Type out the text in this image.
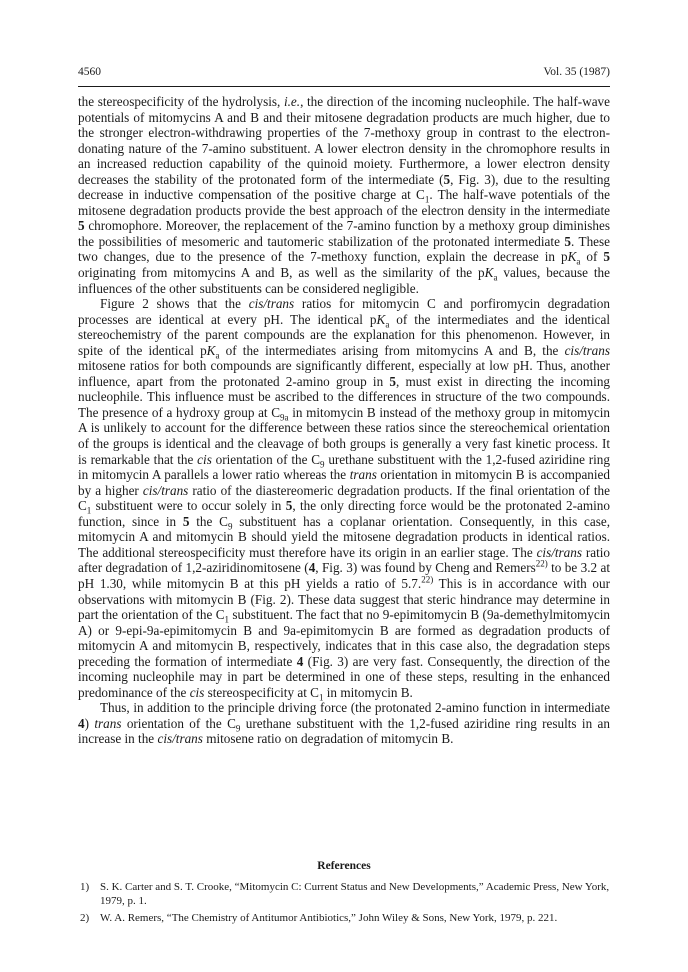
4560	Vol. 35 (1987)

the stereospecificity of the hydrolysis, i.e., the direction of the incoming nucleophile. The half-wave potentials of mitomycins A and B and their mitosene degradation products are much higher, due to the stronger electron-withdrawing properties of the 7-methoxy group in contrast to the electron-donating nature of the 7-amino substituent. A lower electron density in the chromophore results in an increased reduction capability of the quinoid moiety. Furthermore, a lower electron density decreases the stability of the protonated form of the intermediate (5, Fig. 3), due to the resulting decrease in inductive compensation of the positive charge at $C_1$. The half-wave potentials of the mitosene degradation products provide the best approach of the electron density in the intermediate 5 chromophore. Moreover, the replacement of the 7-amino function by a methoxy group diminishes the possibilities of mesomeric and tautomeric stabilization of the protonated intermediate 5. These two changes, due to the presence of the 7-methoxy function, explain the decrease in $pK_a$ of 5 originating from mitomycins A and B, as well as the similarity of the $pK_a$ values, because the influences of the other substituents can be considered negligible.

Figure 2 shows that the cis/trans ratios for mitomycin C and porfiromycin degradation processes are identical at every pH. The identical $pK_a$ of the intermediates and the identical stereochemistry of the parent compounds are the explanation for this phenomenon. However, in spite of the identical $pK_a$ of the intermediates arising from mitomycins A and B, the cis/trans mitosene ratios for both compounds are significantly different, especially at low pH. Thus, another influence, apart from the protonated 2-amino group in 5, must exist in directing the incoming nucleophile. This influence must be ascribed to the differences in structure of the two compounds. The presence of a hydroxy group at $C_{9a}$ in mitomycin B instead of the methoxy group in mitomycin A is unlikely to account for the difference between these ratios since the stereochemical orientation of the groups is identical and the cleavage of both groups is generally a very fast kinetic process. It is remarkable that the cis orientation of the $C_9$ urethane substituent with the 1,2-fused aziridine ring in mitomycin A parallels a lower ratio whereas the trans orientation in mitomycin B is accompanied by a higher cis/trans ratio of the diastereomeric degradation products. If the final orientation of the $C_1$ substituent were to occur solely in 5, the only directing force would be the protonated 2-amino function, since in 5 the $C_9$ substituent has a coplanar orientation. Consequently, in this case, mitomycin A and mitomycin B should yield the mitosene degradation products in identical ratios. The additional stereospecificity must therefore have its origin in an earlier stage. The cis/trans ratio after degradation of 1,2-aziridinomitosene (4, Fig. 3) was found by Cheng and Remers$^{22)}$ to be 3.2 at pH 1.30, while mitomycin B at this pH yields a ratio of 5.7.$^{22)}$ This is in accordance with our observations with mitomycin B (Fig. 2). These data suggest that steric hindrance may determine in part the orientation of the $C_1$ substituent. The fact that no 9-epimitomycin B (9a-demethylmitomycin A) or 9-epi-9a-epimitomycin B and 9a-epimitomycin B are formed as degradation products of mitomycin A and mitomycin B, respectively, indicates that in this case also, the degradation steps preceding the formation of intermediate 4 (Fig. 3) are very fast. Consequently, the direction of the incoming nucleophile may in part be determined in one of these steps, resulting in the enhanced predominance of the cis stereospecificity at $C_1$ in mitomycin B.

Thus, in addition to the principle driving force (the protonated 2-amino function in intermediate 4) trans orientation of the $C_9$ urethane substituent with the 1,2-fused aziridine ring results in an increase in the cis/trans mitosene ratio on degradation of mitomycin B.

References
1) S. K. Carter and S. T. Crooke, “Mitomycin C: Current Status and New Developments,” Academic Press, New York, 1979, p. 1.
2) W. A. Remers, “The Chemistry of Antitumor Antibiotics,” John Wiley & Sons, New York, 1979, p. 221.
